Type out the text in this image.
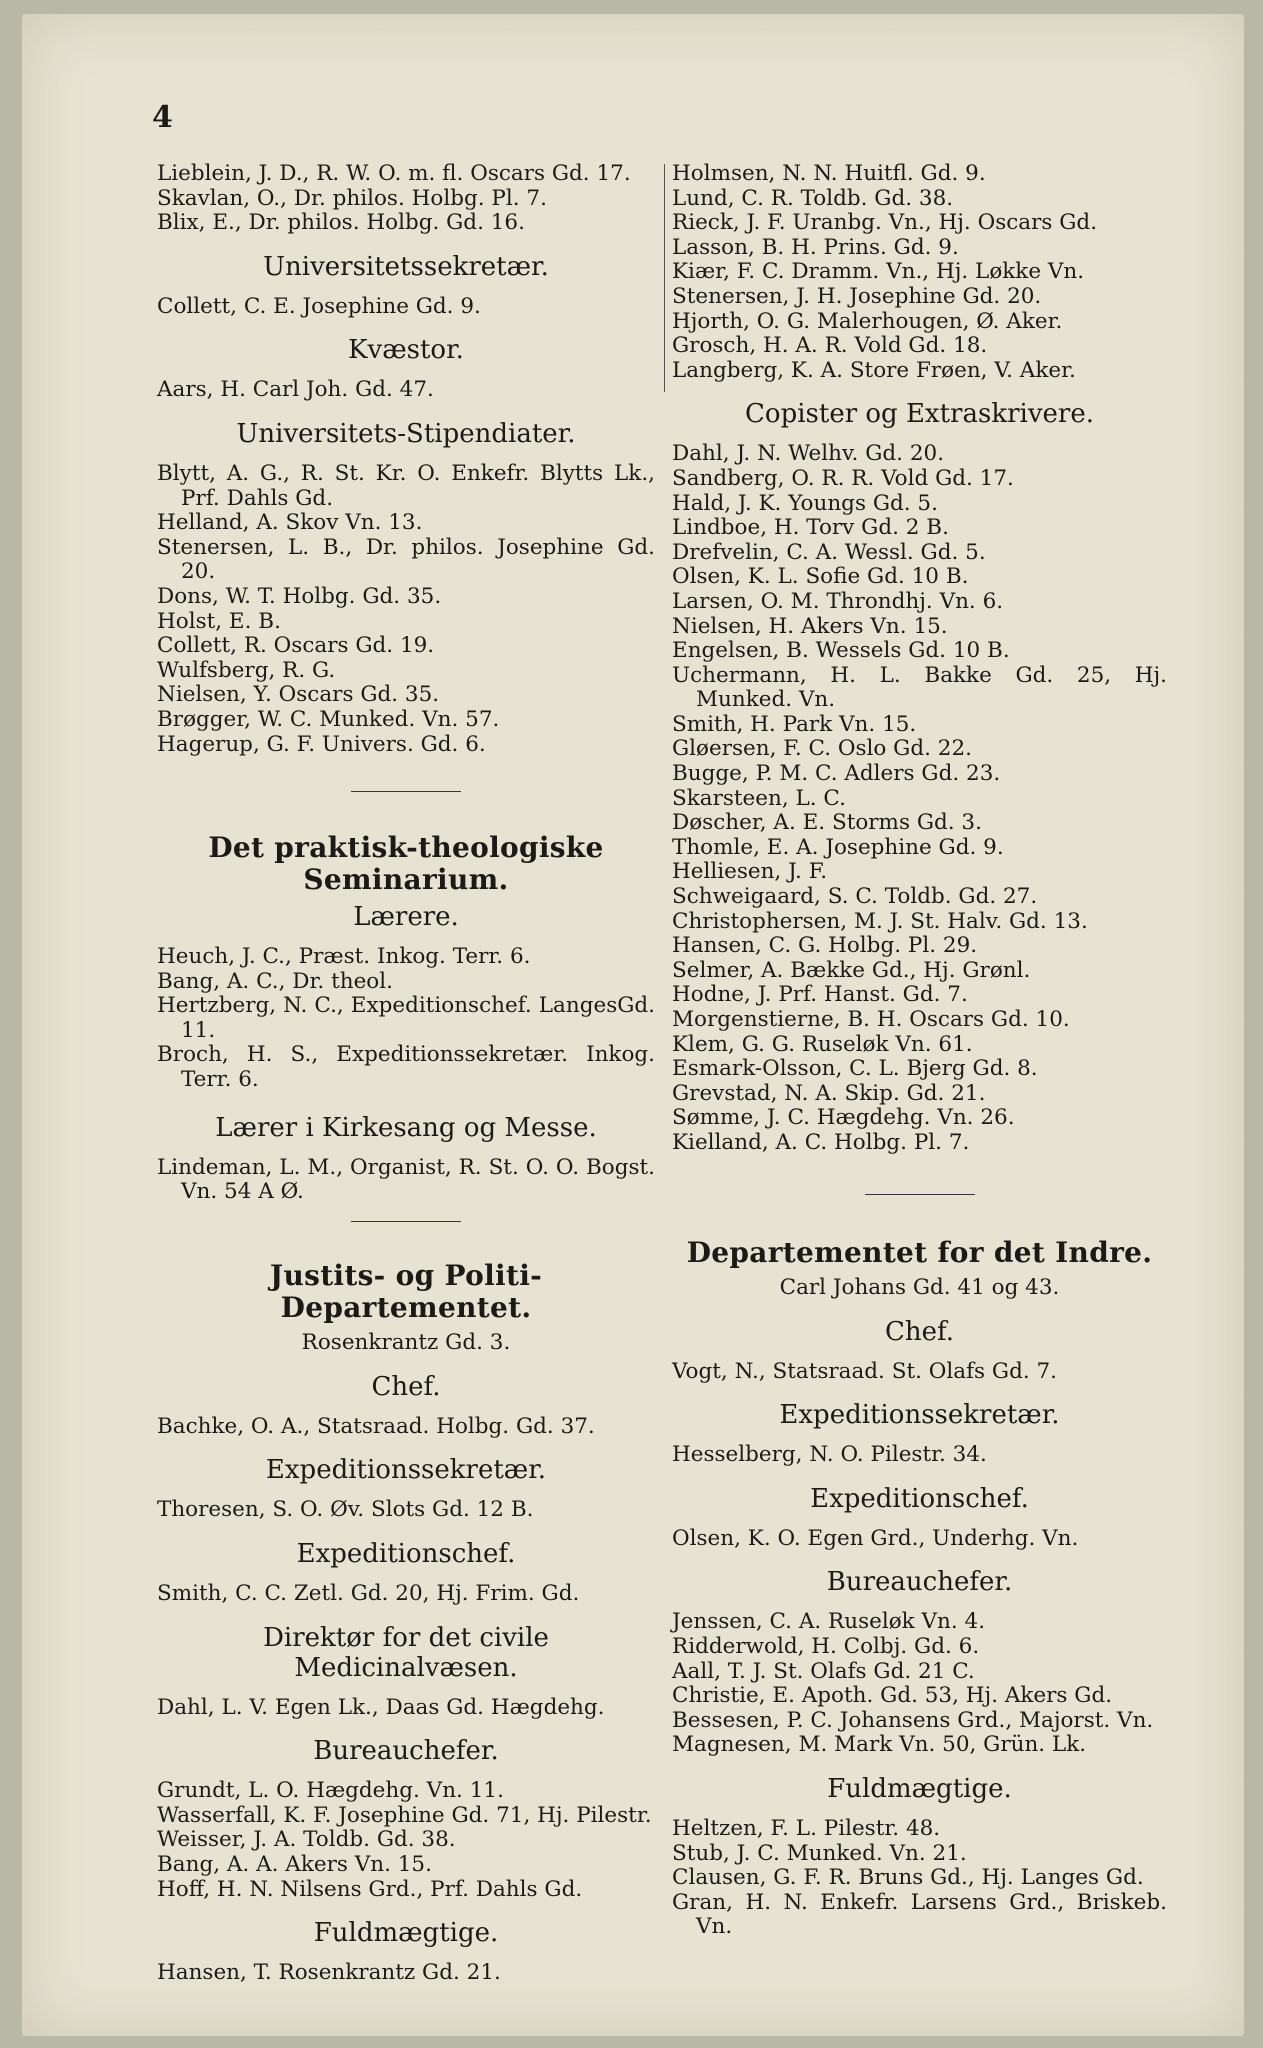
4
Lieblein, J. D., R. W. O. m. fl. Oscars Gd. 17.
Skavlan, O., Dr. philos. Holbg. Pl. 7.
Blix, E., Dr. philos. Holbg. Gd. 16.
Universitetssekretær.
Collett, C. E. Josephine Gd. 9.
Kvæstor.
Aars, H. Carl Joh. Gd. 47.
Universitets-Stipendiater.
Blytt, A. G., R. St. Kr. O. Enkefr. Blytts Lk., Prf. Dahls Gd.
Helland, A. Skov Vn. 13.
Stenersen, L. B., Dr. philos. Josephine Gd. 20.
Dons, W. T. Holbg. Gd. 35.
Holst, E. B.
Collett, R. Oscars Gd. 19.
Wulfsberg, R. G.
Nielsen, Y. Oscars Gd. 35.
Brøgger, W. C. Munked. Vn. 57.
Hagerup, G. F. Univers. Gd. 6.
Det praktisk-theologiske Seminarium.
Lærere.
Heuch, J. C., Præst. Inkog. Terr. 6.
Bang, A. C., Dr. theol.
Hertzberg, N. C., Expeditionschef. LangesGd. 11.
Broch, H. S., Expeditionssekretær. Inkog. Terr. 6.
Lærer i Kirkesang og Messe.
Lindeman, L. M., Organist, R. St. O. O. Bogst. Vn. 54 A Ø.
Justits- og Politi-Departementet.
Rosenkrantz Gd. 3.
Chef.
Bachke, O. A., Statsraad. Holbg. Gd. 37.
Expeditionssekretær.
Thoresen, S. O. Øv. Slots Gd. 12 B.
Expeditionschef.
Smith, C. C. Zetl. Gd. 20, Hj. Frim. Gd.
Direktør for det civile Medicinalvæsen.
Dahl, L. V. Egen Lk., Daas Gd. Hægdehg.
Bureauchefer.
Grundt, L. O. Hægdehg. Vn. 11.
Wasserfall, K. F. Josephine Gd. 71, Hj. Pilestr.
Weisser, J. A. Toldb. Gd. 38.
Bang, A. A. Akers Vn. 15.
Hoff, H. N. Nilsens Grd., Prf. Dahls Gd.
Fuldmægtige.
Hansen, T. Rosenkrantz Gd. 21.
Holmsen, N. N. Huitfl. Gd. 9.
Lund, C. R. Toldb. Gd. 38.
Rieck, J. F. Uranbg. Vn., Hj. Oscars Gd.
Lasson, B. H. Prins. Gd. 9.
Kiær, F. C. Dramm. Vn., Hj. Løkke Vn.
Stenersen, J. H. Josephine Gd. 20.
Hjorth, O. G. Malerhougen, Ø. Aker.
Grosch, H. A. R. Vold Gd. 18.
Langberg, K. A. Store Frøen, V. Aker.
Copister og Extraskrivere.
Dahl, J. N. Welhv. Gd. 20.
Sandberg, O. R. R. Vold Gd. 17.
Hald, J. K. Youngs Gd. 5.
Lindboe, H. Torv Gd. 2 B.
Drefvelin, C. A. Wessl. Gd. 5.
Olsen, K. L. Sofie Gd. 10 B.
Larsen, O. M. Throndhj. Vn. 6.
Nielsen, H. Akers Vn. 15.
Engelsen, B. Wessels Gd. 10 B.
Uchermann, H. L. Bakke Gd. 25, Hj. Munked. Vn.
Smith, H. Park Vn. 15.
Gløersen, F. C. Oslo Gd. 22.
Bugge, P. M. C. Adlers Gd. 23.
Skarsteen, L. C.
Døscher, A. E. Storms Gd. 3.
Thomle, E. A. Josephine Gd. 9.
Helliesen, J. F.
Schweigaard, S. C. Toldb. Gd. 27.
Christophersen, M. J. St. Halv. Gd. 13.
Hansen, C. G. Holbg. Pl. 29.
Selmer, A. Bække Gd., Hj. Grønl.
Hodne, J. Prf. Hanst. Gd. 7.
Morgenstierne, B. H. Oscars Gd. 10.
Klem, G. G. Ruseløk Vn. 61.
Esmark-Olsson, C. L. Bjerg Gd. 8.
Grevstad, N. A. Skip. Gd. 21.
Sømme, J. C. Hægdehg. Vn. 26.
Kielland, A. C. Holbg. Pl. 7.
Departementet for det Indre.
Carl Johans Gd. 41 og 43.
Chef.
Vogt, N., Statsraad. St. Olafs Gd. 7.
Expeditionssekretær.
Hesselberg, N. O. Pilestr. 34.
Expeditionschef.
Olsen, K. O. Egen Grd., Underhg. Vn.
Bureauchefer.
Jenssen, C. A. Ruseløk Vn. 4.
Ridderwold, H. Colbj. Gd. 6.
Aall, T. J. St. Olafs Gd. 21 C.
Christie, E. Apoth. Gd. 53, Hj. Akers Gd.
Bessesen, P. C. Johansens Grd., Majorst. Vn.
Magnesen, M. Mark Vn. 50, Grün. Lk.
Fuldmægtige.
Heltzen, F. L. Pilestr. 48.
Stub, J. C. Munked. Vn. 21.
Clausen, G. F. R. Bruns Gd., Hj. Langes Gd.
Gran, H. N. Enkefr. Larsens Grd., Briskeb. Vn.
